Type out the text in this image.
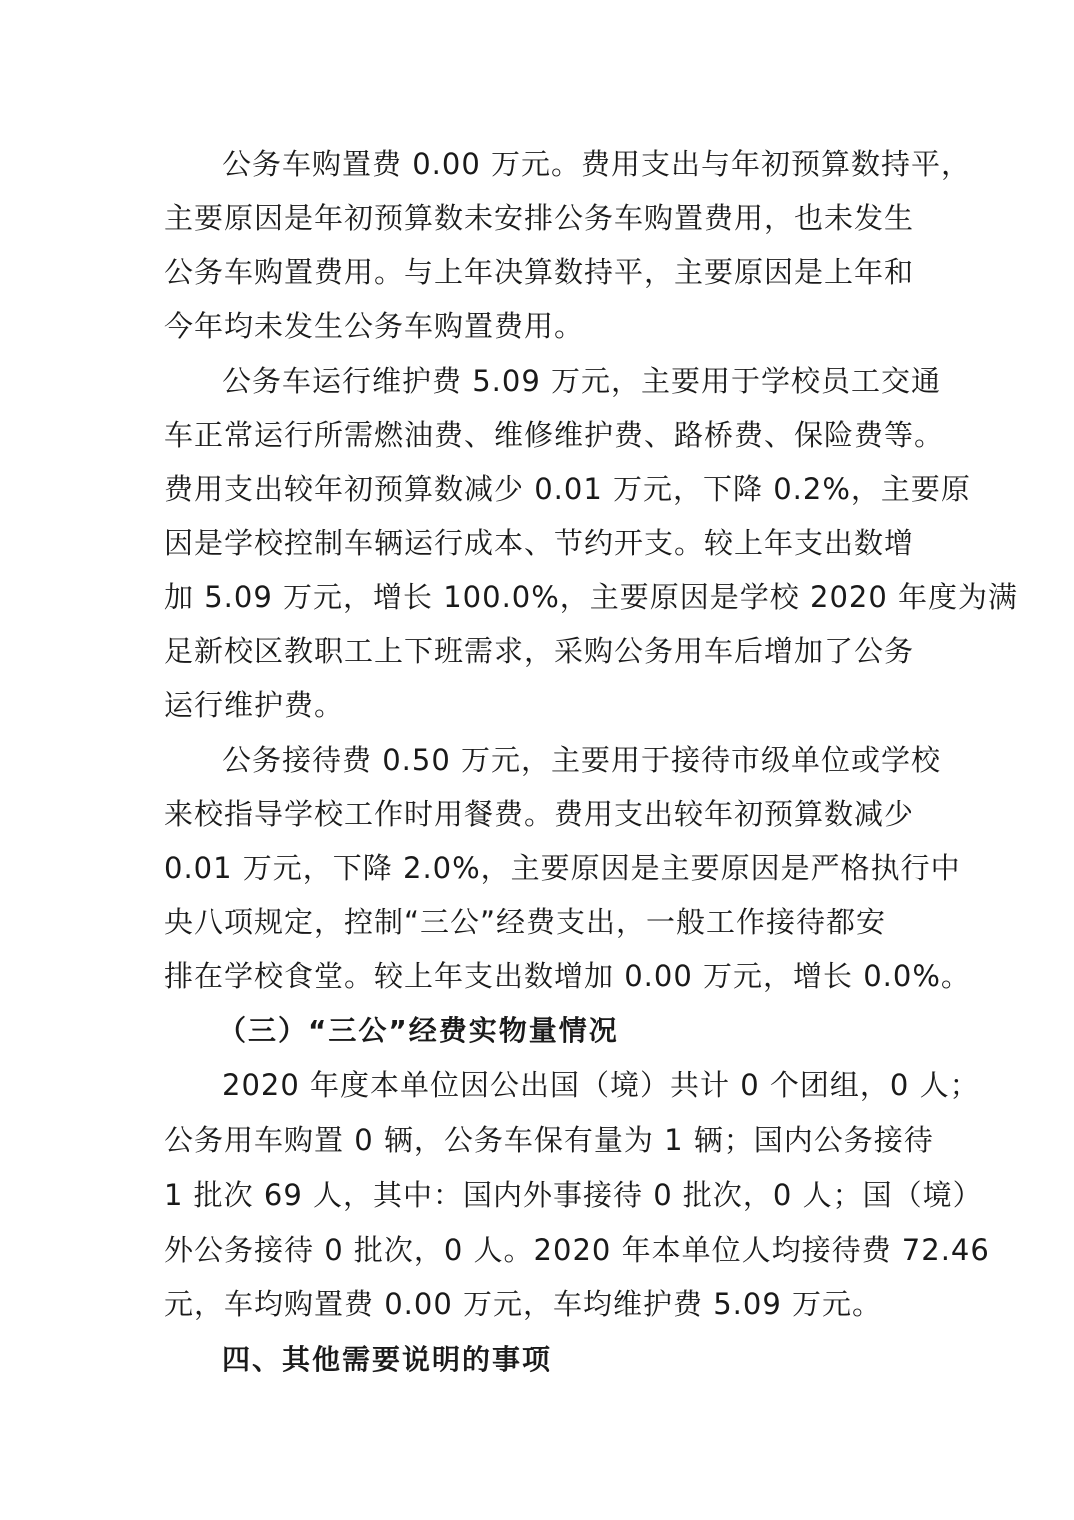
公务车购置费 0.00 万元。费用支出与年初预算数持平，
主要原因是年初预算数未安排公务车购置费用，也未发生
公务车购置费用。与上年决算数持平，主要原因是上年和
今年均未发生公务车购置费用。
公务车运行维护费 5.09 万元，主要用于学校员工交通
车正常运行所需燃油费、维修维护费、路桥费、保险费等。
费用支出较年初预算数减少 0.01 万元，下降 0.2%，主要原
因是学校控制车辆运行成本、节约开支。较上年支出数增
加 5.09 万元，增长 100.0%，主要原因是学校 2020 年度为满
足新校区教职工上下班需求，采购公务用车后增加了公务
运行维护费。
公务接待费 0.50 万元，主要用于接待市级单位或学校
来校指导学校工作时用餐费。费用支出较年初预算数减少
0.01 万元，下降 2.0%，主要原因是主要原因是严格执行中
央八项规定，控制“三公”经费支出，一般工作接待都安
排在学校食堂。较上年支出数增加 0.00 万元，增长 0.0%。
（三）“三公”经费实物量情况
2020 年度本单位因公出国（境）共计 0 个团组，0 人；
公务用车购置 0 辆，公务车保有量为 1 辆；国内公务接待
1 批次 69 人，其中：国内外事接待 0 批次，0 人；国（境）
外公务接待 0 批次，0 人。2020 年本单位人均接待费 72.46
元，车均购置费 0.00 万元，车均维护费 5.09 万元。
四、其他需要说明的事项
